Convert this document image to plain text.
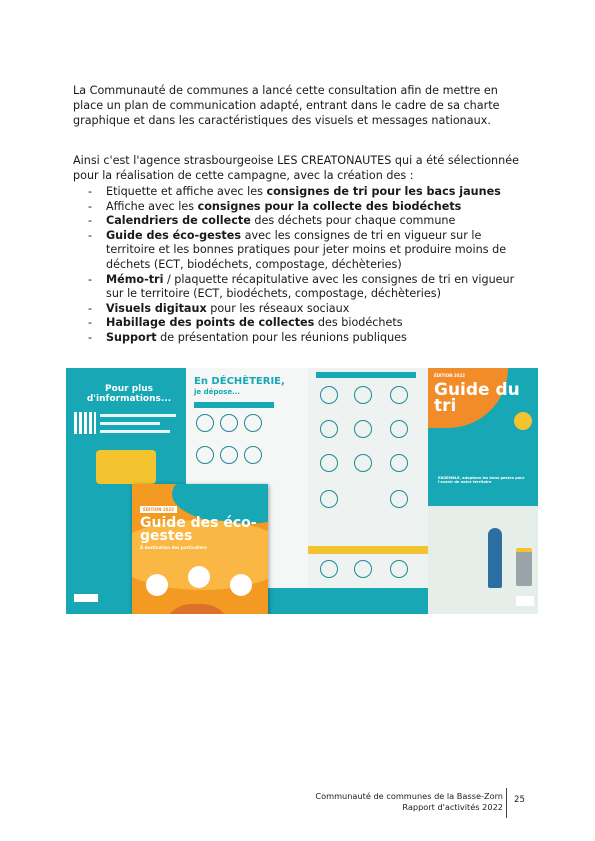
La Communauté de communes a lancé cette consultation afin de mettre en place un plan de communication adapté, entrant dans le cadre de sa charte graphique et dans les caractéristiques des visuels et messages nationaux.
Ainsi c'est l'agence strasbourgeoise LES CREATONAUTES qui a été sélectionnée pour la réalisation de cette campagne, avec la création des :
- Etiquette et affiche avec les consignes de tri pour les bacs jaunes
- Affiche avec les consignes pour la collecte des biodéchets
- Calendriers de collecte des déchets pour chaque commune
- Guide des éco-gestes avec les consignes de tri en vigueur sur le territoire et les bonnes pratiques pour jeter moins et produire moins de déchets (ECT, biodéchets, compostage, déchèteries)
- Mémo-tri / plaquette récapitulative avec les consignes de tri en vigueur sur le territoire (ECT, biodéchets, compostage, déchèteries)
- Visuels digitaux pour les réseaux sociaux
- Habillage des points de collectes des biodéchets
- Support de présentation pour les réunions publiques
Pour plus d'informations...
En DÉCHÈTERIE,
je dépose...
ÉDITION 2022
Guide du tri
ENSEMBLE, adoptons les bons gestes pour l'avenir de notre territoire
ÉDITION 2022
Guide des éco-gestes
À destination des particuliers
Communauté de communes de la Basse-Zorn
Rapport d'activités 2022
25
